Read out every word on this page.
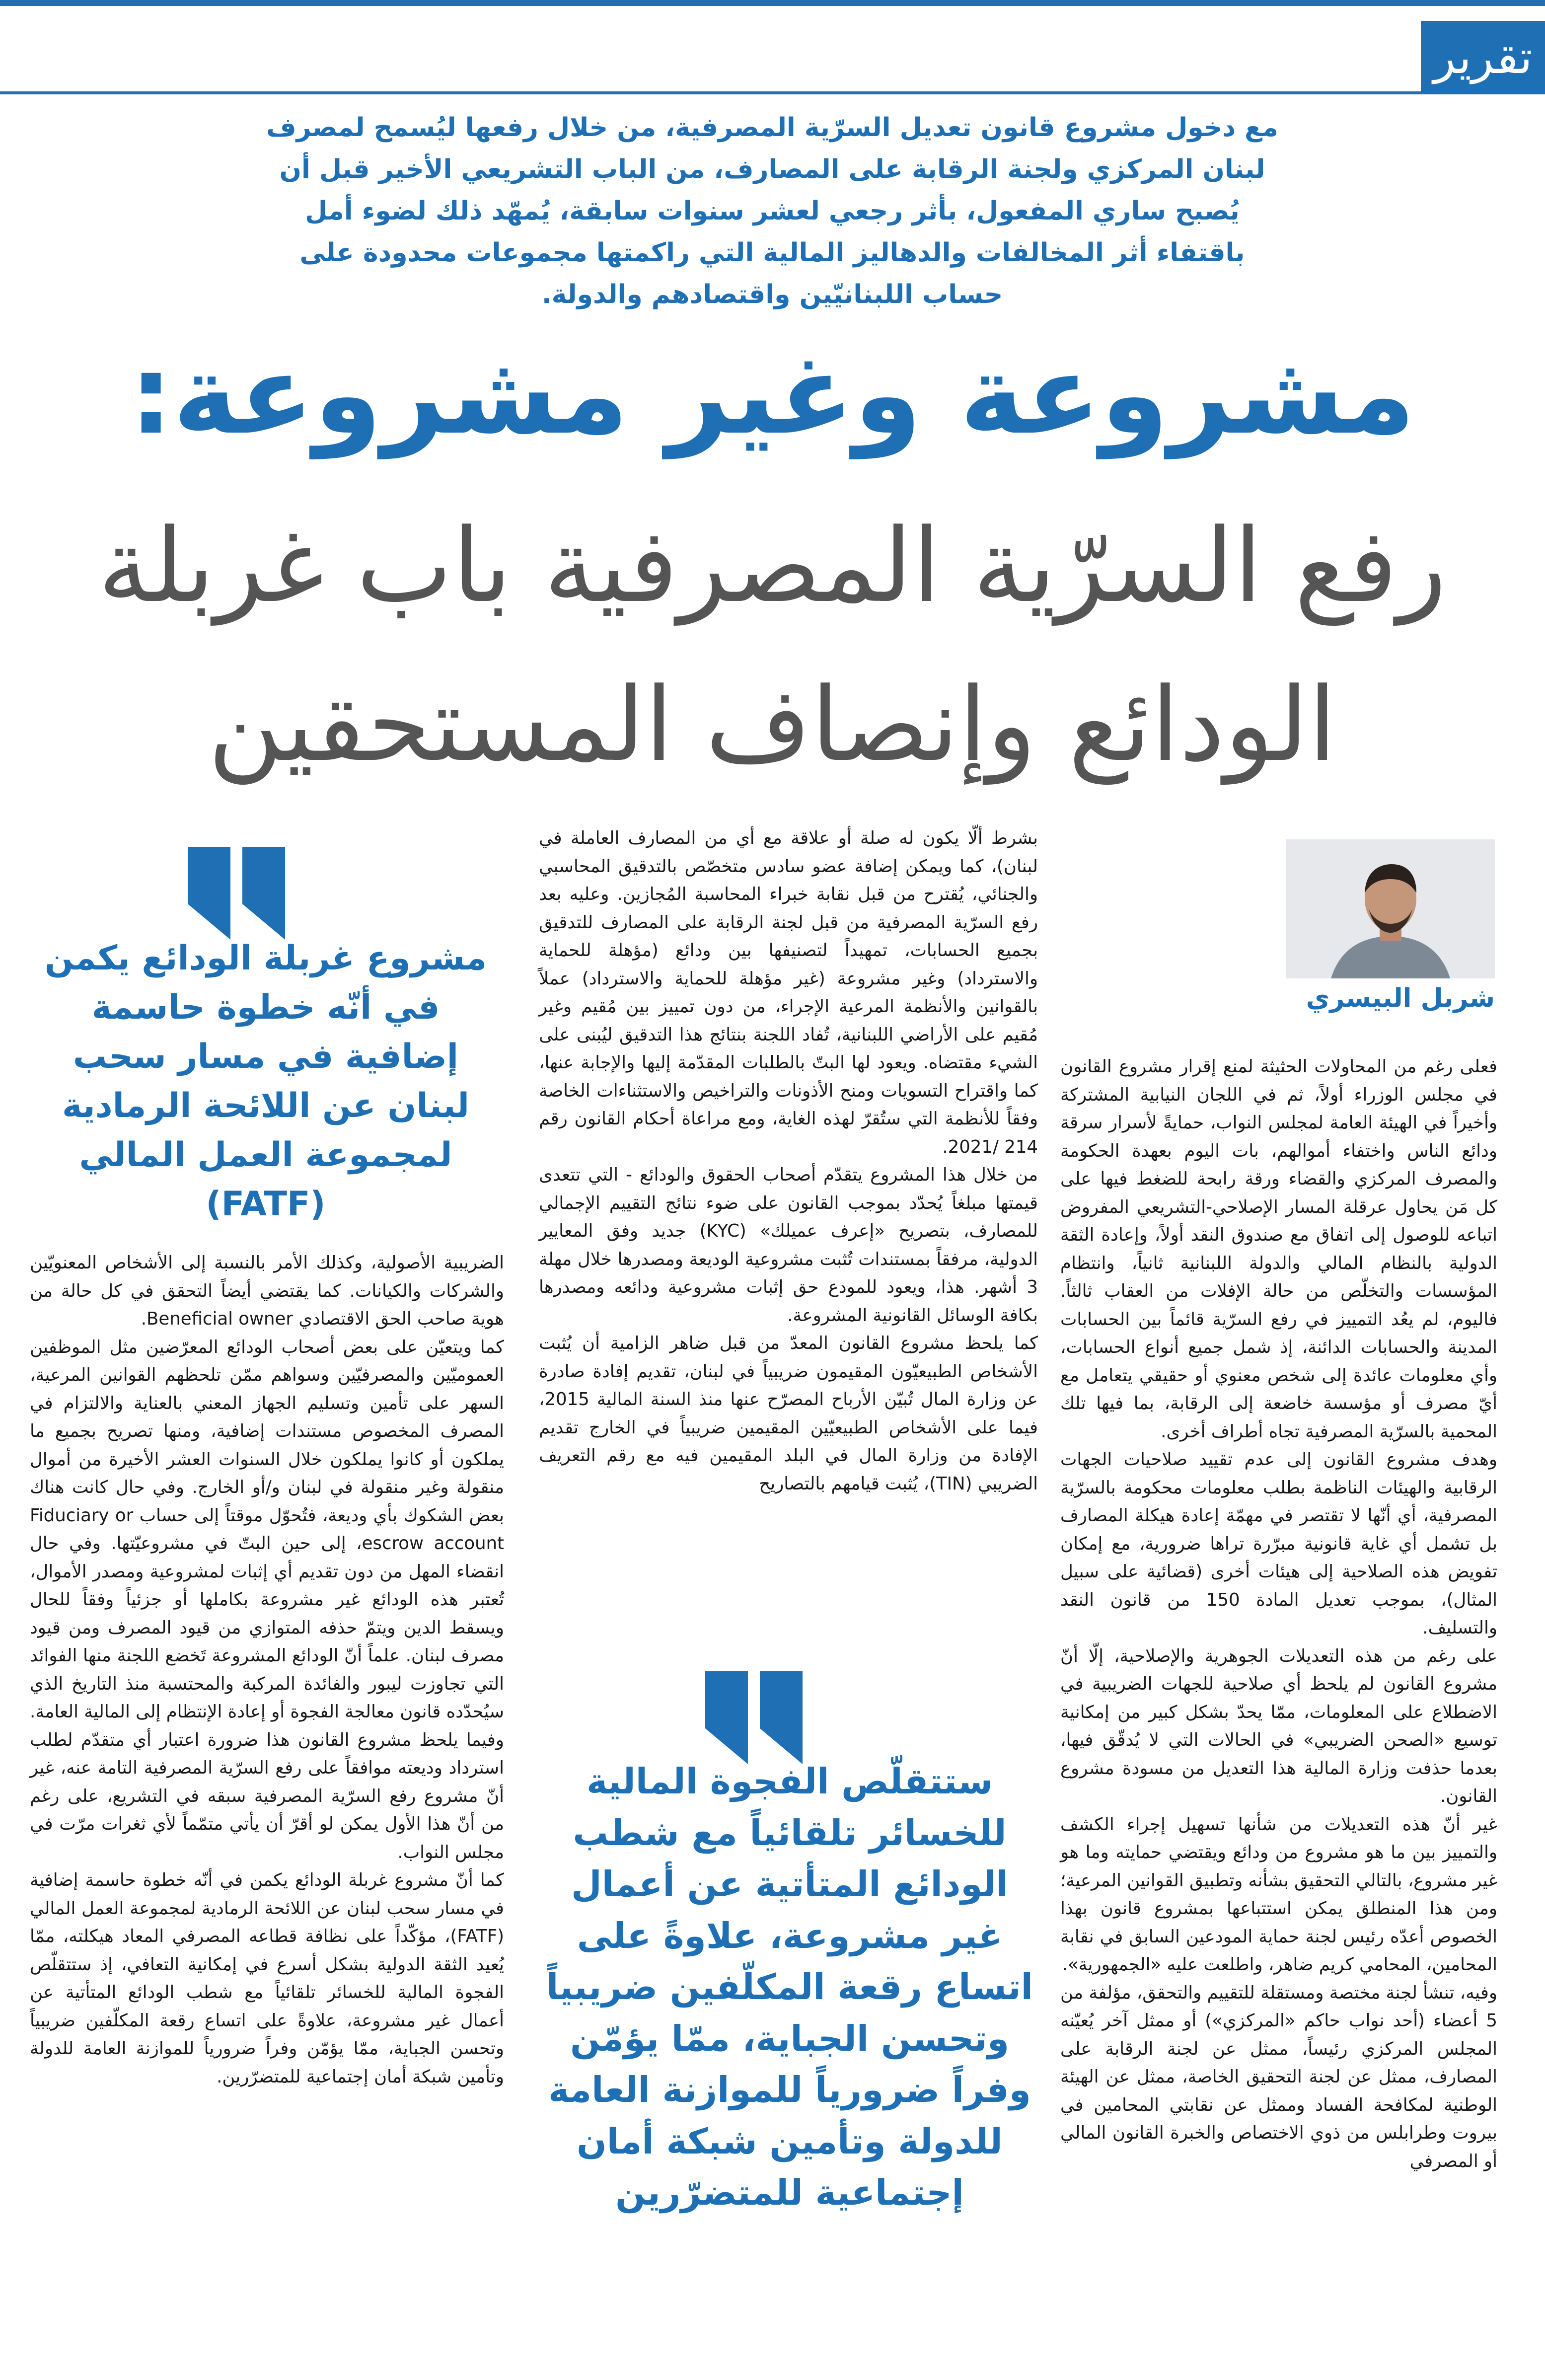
تقرير

مع دخول مشروع قانون تعديل السرّية المصرفية، من خلال رفعها ليُسمح لمصرف لبنان المركزي ولجنة الرقابة على المصارف، من الباب التشريعي الأخير قبل أن يُصبح ساري المفعول، بأثر رجعي لعشر سنوات سابقة، يُمهّد ذلك لضوء أمل باقتفاء أثر المخالفات والدهاليز المالية التي راكمتها مجموعات محدودة على حساب اللبنانيّين واقتصادهم والدولة.

مشروعة وغير مشروعة:
رفع السرّية المصرفية باب غربلة الودائع وإنصاف المستحقين
شربل البيسري

فعلى رغم من المحاولات الحثيثة لمنع إقرار مشروع القانون في مجلس الوزراء أولاً، ثم في اللجان النيابية المشتركة وأخيراً في الهيئة العامة لمجلس النواب، حمايةً لأسرار سرقة ودائع الناس واختفاء أموالهم، بات اليوم بعهدة الحكومة والمصرف المركزي والقضاء ورقة رابحة للضغط فيها على كل مَن يحاول عرقلة المسار الإصلاحي-التشريعي المفروض اتباعه للوصول إلى اتفاق مع صندوق النقد أولاً، وإعادة الثقة الدولية بالنظام المالي والدولة اللبنانية ثانياً، وانتظام المؤسسات والتخلّص من حالة الإفلات من العقاب ثالثاً. فاليوم، لم يعُد التمييز في رفع السرّية قائماً بين الحسابات المدينة والحسابات الدائنة، إذ شمل جميع أنواع الحسابات، وأي معلومات عائدة إلى شخص معنوي أو حقيقي يتعامل مع أيّ مصرف أو مؤسسة خاضعة إلى الرقابة، بما فيها تلك المحمية بالسرّية المصرفية تجاه أطراف أخرى.

وهدف مشروع القانون إلى عدم تقييد صلاحيات الجهات الرقابية والهيئات الناظمة بطلب معلومات محكومة بالسرّية المصرفية، أي أنّها لا تقتصر في مهمّة إعادة هيكلة المصارف بل تشمل أي غاية قانونية مبرّرة تراها ضرورية، مع إمكان تفويض هذه الصلاحية إلى هيئات أخرى (قضائية على سبيل المثال)، بموجب تعديل المادة 150 من قانون النقد والتسليف.

على رغم من هذه التعديلات الجوهرية والإصلاحية، إلّا أنّ مشروع القانون لم يلحظ أي صلاحية للجهات الضريبية في الاضطلاع على المعلومات، ممّا يحدّ بشكل كبير من إمكانية توسيع «الصحن الضريبي» في الحالات التي لا يُدقّق فيها، بعدما حذفت وزارة المالية هذا التعديل من مسودة مشروع القانون.

غير أنّ هذه التعديلات من شأنها تسهيل إجراء الكشف والتمييز بين ما هو مشروع من ودائع ويقتضي حمايته وما هو غير مشروع، بالتالي التحقيق بشأنه وتطبيق القوانين المرعية؛ ومن هذا المنطلق يمكن استتباعها بمشروع قانون بهذا الخصوص أعدّه رئيس لجنة حماية المودعين السابق في نقابة المحامين، المحامي كريم ضاهر، واطلعت عليه «الجمهورية».

وفيه، تنشأ لجنة مختصة ومستقلة للتقييم والتحقق، مؤلفة من 5 أعضاء (أحد نواب حاكم «المركزي») أو ممثل آخر يُعيّنه المجلس المركزي رئيساً، ممثل عن لجنة الرقابة على المصارف، ممثل عن لجنة التحقيق الخاصة، ممثل عن الهيئة الوطنية لمكافحة الفساد وممثل عن نقابتي المحامين في بيروت وطرابلس من ذوي الاختصاص والخبرة القانون المالي أو المصرفي

بشرط ألّا يكون له صلة أو علاقة مع أي من المصارف العاملة في لبنان)، كما ويمكن إضافة عضو سادس متخصّص بالتدقيق المحاسبي والجنائي، يُقترح من قبل نقابة خبراء المحاسبة المُجازين. وعليه بعد رفع السرّية المصرفية من قبل لجنة الرقابة على المصارف للتدقيق بجميع الحسابات، تمهيداً لتصنيفها بين ودائع (مؤهلة للحماية والاسترداد) وغير مشروعة (غير مؤهلة للحماية والاسترداد) عملاً بالقوانين والأنظمة المرعية الإجراء، من دون تمييز بين مُقيم وغير مُقيم على الأراضي اللبنانية، تُفاد اللجنة بنتائج هذا التدقيق ليُبنى على الشيء مقتضاه. ويعود لها البتّ بالطلبات المقدّمة إليها والإجابة عنها، كما واقتراح التسويات ومنح الأذونات والتراخيص والاستثناءات الخاصة وفقاً للأنظمة التي ستُقرّ لهذه الغاية، ومع مراعاة أحكام القانون رقم 214 /2021.

من خلال هذا المشروع يتقدّم أصحاب الحقوق والودائع - التي تتعدى قيمتها مبلغاً يُحدّد بموجب القانون على ضوء نتائج التقييم الإجمالي للمصارف، بتصريح «إعرف عميلك» (KYC) جديد وفق المعايير الدولية، مرفقاً بمستندات تُثبت مشروعية الوديعة ومصدرها خلال مهلة 3 أشهر. هذا، ويعود للمودع حق إثبات مشروعية ودائعه ومصدرها بكافة الوسائل القانونية المشروعة.

كما يلحظ مشروع القانون المعدّ من قبل ضاهر الزامية أن يُثبت الأشخاص الطبيعيّون المقيمون ضريبياً في لبنان، تقديم إفادة صادرة عن وزارة المال تُبيّن الأرباح المصرّح عنها منذ السنة المالية 2015، فيما على الأشخاص الطبيعيّين المقيمين ضريبياً في الخارج تقديم الإفادة من وزارة المال في البلد المقيمين فيه مع رقم التعريف الضريبي (TIN)، يُثبت قيامهم بالتصاريح

الضريبية الأصولية، وكذلك الأمر بالنسبة إلى الأشخاص المعنويّين والشركات والكيانات. كما يقتضي أيضاً التحقق في كل حالة من هوية صاحب الحق الاقتصادي Beneficial owner.

كما ويتعيّن على بعض أصحاب الودائع المعرّضين مثل الموظفين العموميّين والمصرفيّين وسواهم ممّن تلحظهم القوانين المرعية، السهر على تأمين وتسليم الجهاز المعني بالعناية والالتزام في المصرف المخصوص مستندات إضافية، ومنها تصريح بجميع ما يملكون أو كانوا يملكون خلال السنوات العشر الأخيرة من أموال منقولة وغير منقولة في لبنان و/أو الخارج. وفي حال كانت هناك بعض الشكوك بأي وديعة، فتُحوّل موقتاً إلى حساب Fiduciary or escrow account، إلى حين البتّ في مشروعيّتها. وفي حال انقضاء المهل من دون تقديم أي إثبات لمشروعية ومصدر الأموال، تُعتبر هذه الودائع غير مشروعة بكاملها أو جزئياً وفقاً للحال ويسقط الدين ويتمّ حذفه المتوازي من قيود المصرف ومن قيود مصرف لبنان. علماً أنّ الودائع المشروعة تَخضع اللجنة منها الفوائد التي تجاوزت ليبور والفائدة المركبة والمحتسبة منذ التاريخ الذي سيُحدّده قانون معالجة الفجوة أو إعادة الإنتظام إلى المالية العامة.

وفيما يلحظ مشروع القانون هذا ضرورة اعتبار أي متقدّم لطلب استرداد وديعته موافقاً على رفع السرّية المصرفية التامة عنه، غير أنّ مشروع رفع السرّية المصرفية سبقه في التشريع، على رغم من أنّ هذا الأول يمكن لو أقرّ أن يأتي متمّماً لأي ثغرات مرّت في مجلس النواب.

كما أنّ مشروع غربلة الودائع يكمن في أنّه خطوة حاسمة إضافية في مسار سحب لبنان عن اللائحة الرمادية لمجموعة العمل المالي (FATF)، مؤكّداً على نظافة قطاعه المصرفي المعاد هيكلته، ممّا يُعيد الثقة الدولية بشكل أسرع في إمكانية التعافي، إذ ستتقلّص الفجوة المالية للخسائر تلقائياً مع شطب الودائع المتأتية عن أعمال غير مشروعة، علاوةً على اتساع رقعة المكلّفين ضريبياً وتحسن الجباية، ممّا يؤمّن وفراً ضرورياً للموازنة العامة للدولة وتأمين شبكة أمان إجتماعية للمتضرّرين.

مشروع غربلة الودائع يكمن في أنّه خطوة حاسمة إضافية في مسار سحب لبنان عن اللائحة الرمادية لمجموعة العمل المالي (FATF)
ستتقلّص الفجوة المالية للخسائر تلقائياً مع شطب الودائع المتأتية عن أعمال غير مشروعة، علاوةً على اتساع رقعة المكلّفين ضريبياً وتحسن الجباية، ممّا يؤمّن وفراً ضرورياً للموازنة العامة للدولة وتأمين شبكة أمان إجتماعية للمتضرّرين
